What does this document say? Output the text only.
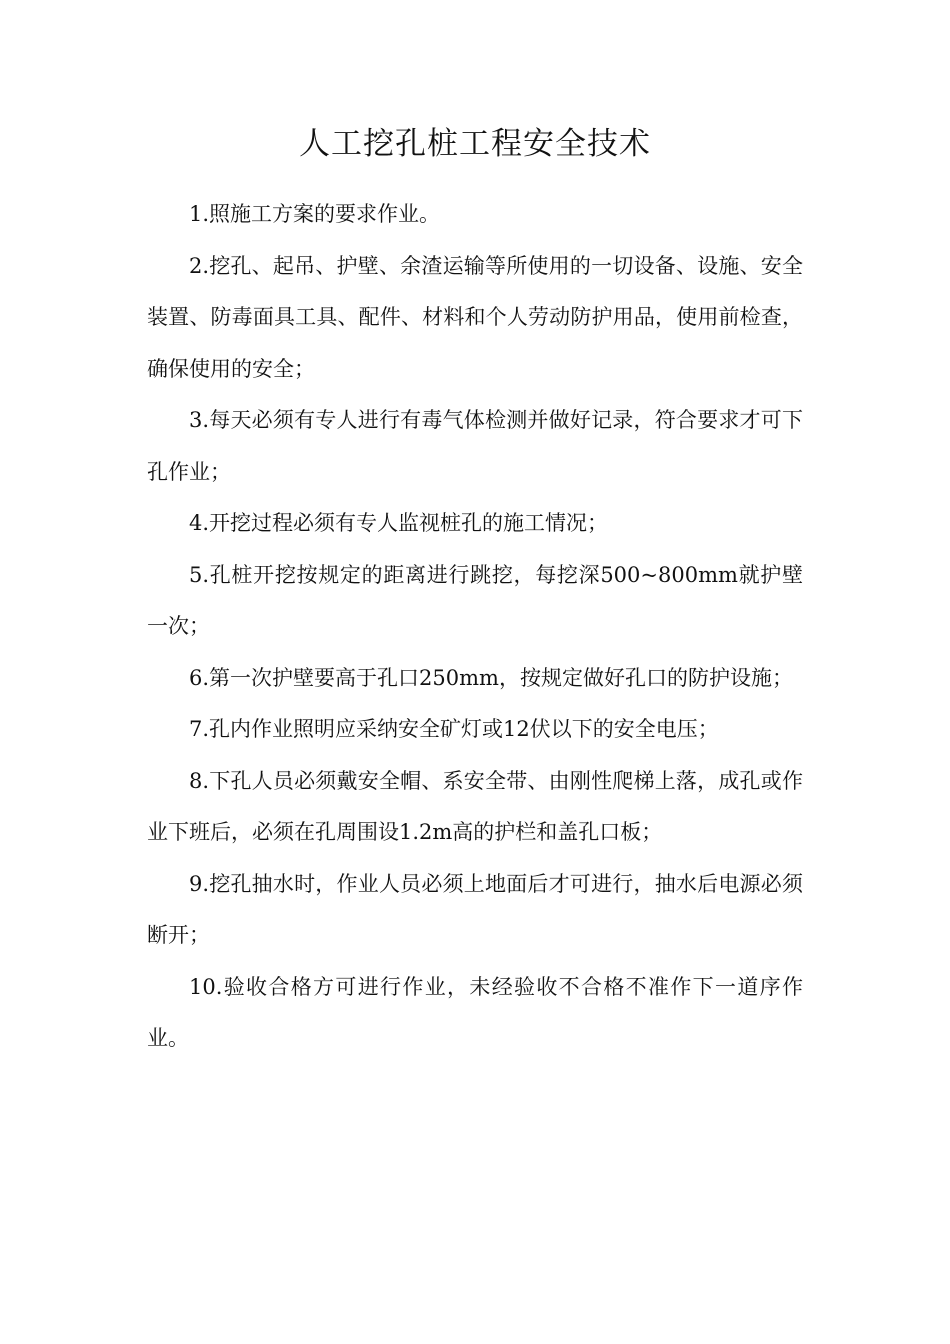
人工挖孔桩工程安全技术

1.照施工方案的要求作业。

2.挖孔、起吊、护壁、余渣运输等所使用的一切设备、设施、安全装置、防毒面具工具、配件、材料和个人劳动防护用品，使用前检查，确保使用的安全；

3.每天必须有专人进行有毒气体检测并做好记录，符合要求才可下孔作业；

4.开挖过程必须有专人监视桩孔的施工情况；

5.孔桩开挖按规定的距离进行跳挖，每挖深500~800mm就护壁一次；

6.第一次护壁要高于孔口250mm，按规定做好孔口的防护设施；

7.孔内作业照明应采纳安全矿灯或12伏以下的安全电压；

8.下孔人员必须戴安全帽、系安全带、由刚性爬梯上落，成孔或作业下班后，必须在孔周围设1.2m高的护栏和盖孔口板；

9.挖孔抽水时，作业人员必须上地面后才可进行，抽水后电源必须断开；

10.验收合格方可进行作业，未经验收不合格不准作下一道序作业。
